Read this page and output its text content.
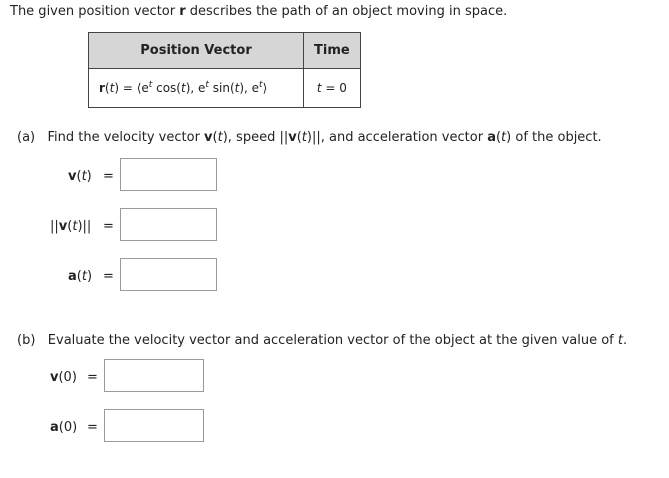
The given position vector r describes the path of an object moving in space.
Position Vector	Time
$r(t) = ⟨e^t$ cos(t), $e^t$ sin(t), $e^t⟩$	t = 0
(a)   Find the velocity vector v(t), speed ||v(t)||, and acceleration vector a(t) of the object.
v(t) =
||v(t)|| =
a(t) =
(b)   Evaluate the velocity vector and acceleration vector of the object at the given value of t.
v(0) =
a(0) =
